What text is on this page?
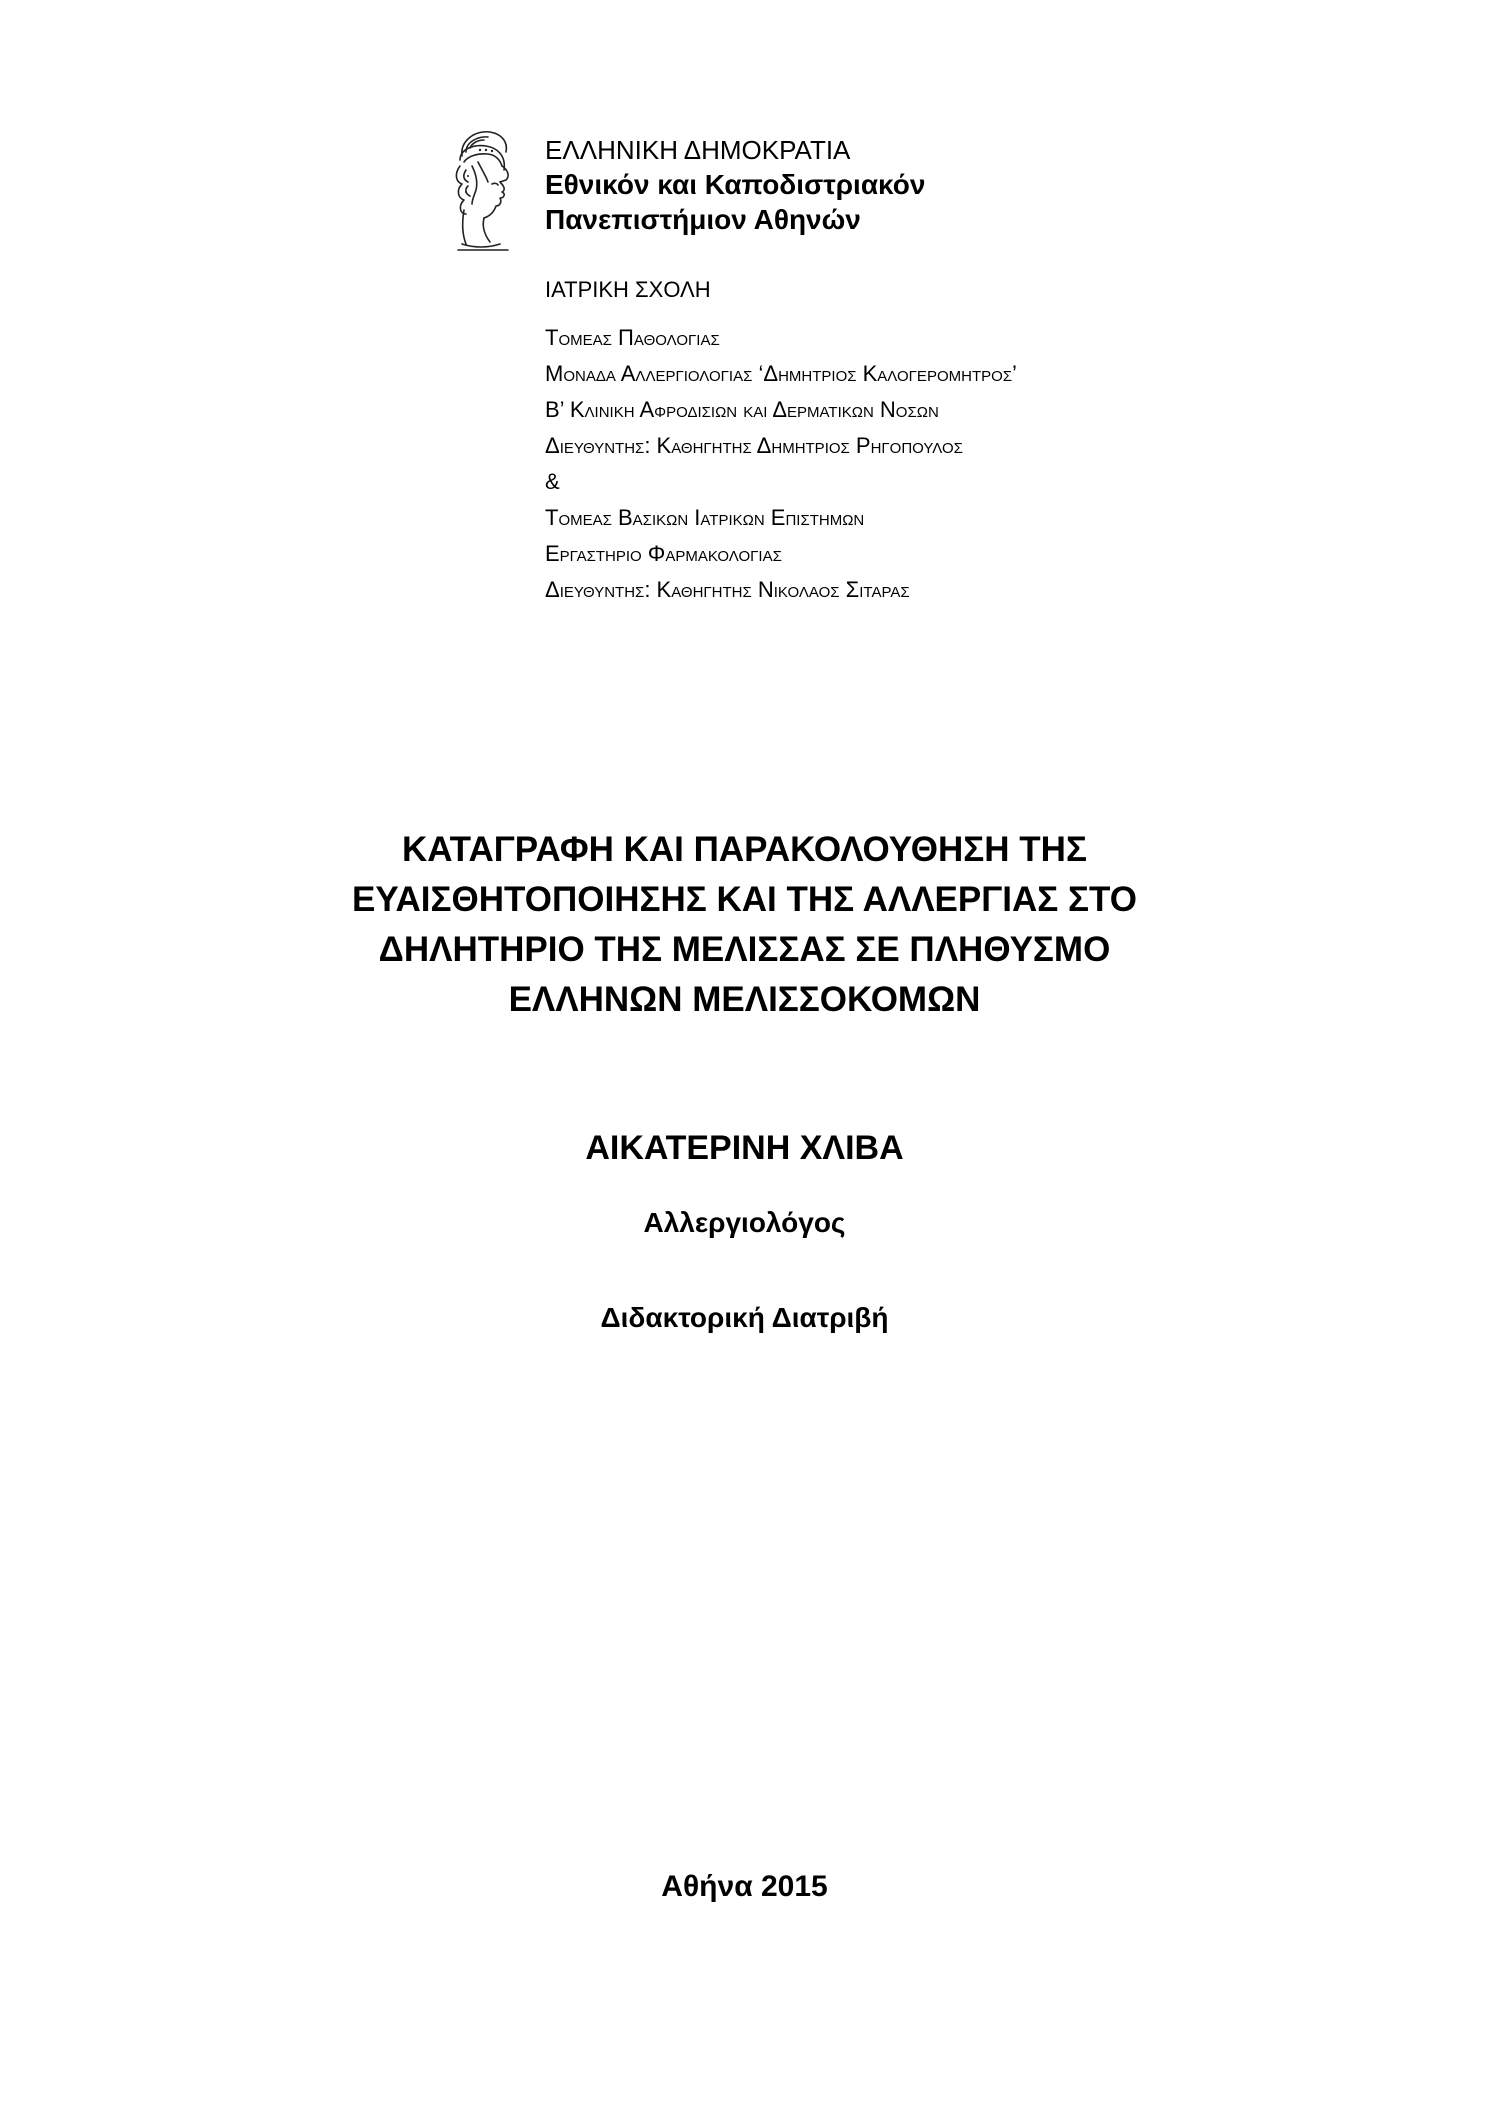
ΕΛΛΗΝΙΚΗ ΔΗΜΟΚΡΑΤΙΑ
Εθνικόν και Καποδιστριακόν
Πανεπιστήμιον Αθηνών
ΙΑΤΡΙΚΗ ΣΧΟΛΗ
Τομεας Παθολογιας
Μοναδα Αλλεργιολογιας ‘Δημητριος Καλογερομητρος’
Β’ Κλινικη Αφροδισιων και Δερματικων Νοσων
Διευθυντης: Καθηγητης Δημητριος Ρηγοπουλος
&
Τομεας Βασικων Ιατρικων Επιστημων
Εργαστηριο Φαρμακολογιας
Διευθυντης: Καθηγητης Νικολαος Σιταρας
ΚΑΤΑΓΡΑΦΗ ΚΑΙ ΠΑΡΑΚΟΛΟΥΘΗΣΗ ΤΗΣ
ΕΥΑΙΣΘΗΤΟΠΟΙΗΣΗΣ ΚΑΙ ΤΗΣ ΑΛΛΕΡΓΙΑΣ ΣΤΟ
ΔΗΛΗΤΗΡΙΟ ΤΗΣ ΜΕΛΙΣΣΑΣ ΣΕ ΠΛΗΘΥΣΜΟ
ΕΛΛΗΝΩΝ ΜΕΛΙΣΣΟΚΟΜΩΝ
ΑΙΚΑΤΕΡΙΝΗ ΧΛΙΒΑ
Αλλεργιολόγος
Διδακτορική Διατριβή
Αθήνα 2015
